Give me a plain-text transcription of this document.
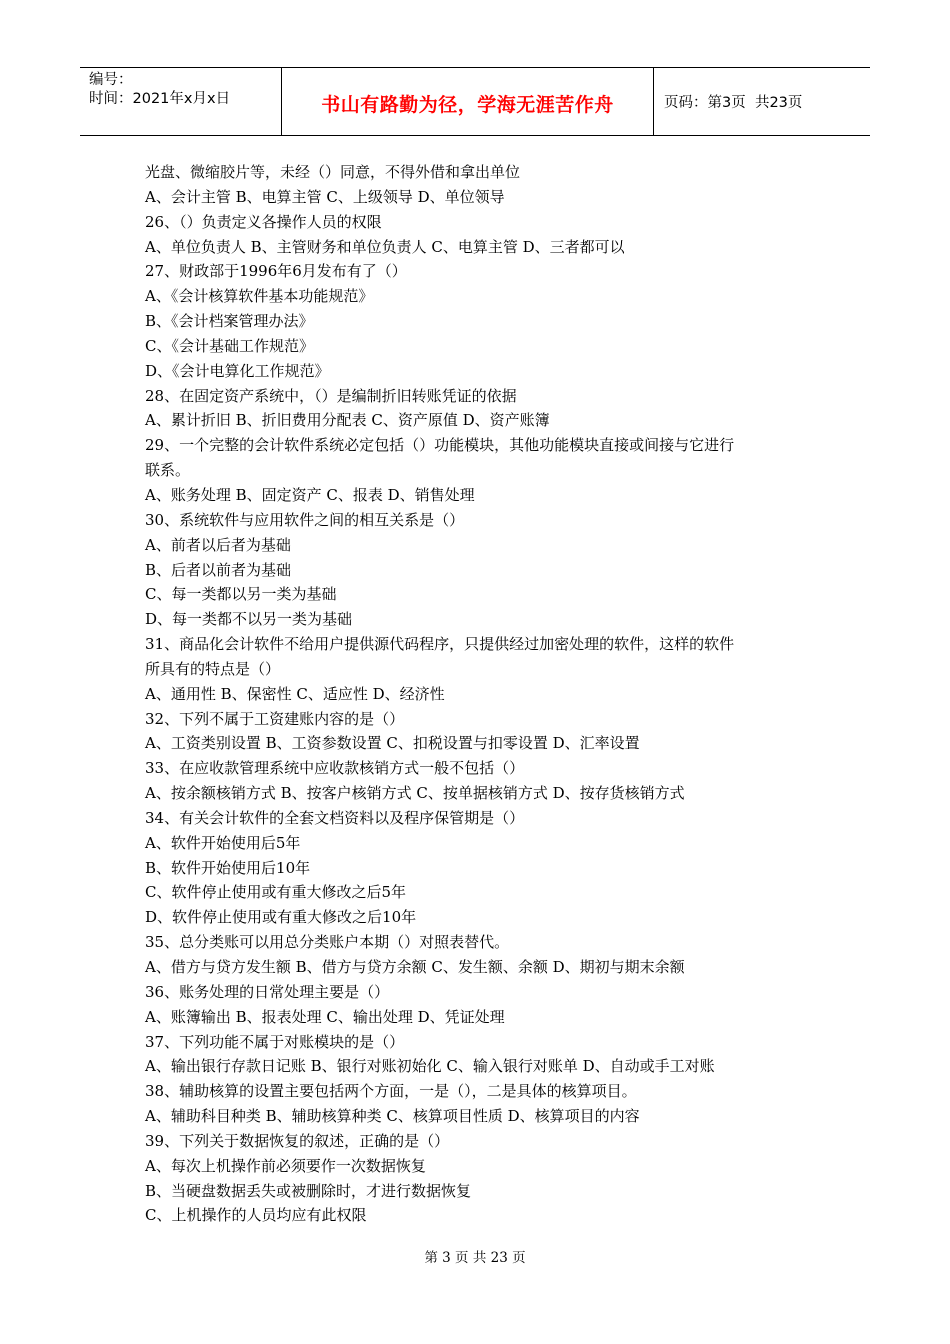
编号：
时间：2021年x月x日	书山有路勤为径，学海无涯苦作舟	页码：第3页  共23页
光盘、微缩胶片等，未经（）同意，不得外借和拿出单位
A、会计主管 B、电算主管 C、上级领导 D、单位领导
26、（）负责定义各操作人员的权限
A、单位负责人 B、主管财务和单位负责人 C、电算主管 D、三者都可以
27、财政部于1996年6月发布有了（）
A、《会计核算软件基本功能规范》
B、《会计档案管理办法》
C、《会计基础工作规范》
D、《会计电算化工作规范》
28、在固定资产系统中，（）是编制折旧转账凭证的依据
A、累计折旧 B、折旧费用分配表 C、资产原值 D、资产账簿
29、一个完整的会计软件系统必定包括（）功能模块，其他功能模块直接或间接与它进行
联系。
A、账务处理 B、固定资产 C、报表 D、销售处理
30、系统软件与应用软件之间的相互关系是（）
A、前者以后者为基础
B、后者以前者为基础
C、每一类都以另一类为基础
D、每一类都不以另一类为基础
31、商品化会计软件不给用户提供源代码程序，只提供经过加密处理的软件，这样的软件
所具有的特点是（）
A、通用性 B、保密性 C、适应性 D、经济性
32、下列不属于工资建账内容的是（）
A、工资类别设置 B、工资参数设置 C、扣税设置与扣零设置 D、汇率设置
33、在应收款管理系统中应收款核销方式一般不包括（）
A、按余额核销方式 B、按客户核销方式 C、按单据核销方式 D、按存货核销方式
34、有关会计软件的全套文档资料以及程序保管期是（）
A、软件开始使用后5年
B、软件开始使用后10年
C、软件停止使用或有重大修改之后5年
D、软件停止使用或有重大修改之后10年
35、总分类账可以用总分类账户本期（）对照表替代。
A、借方与贷方发生额 B、借方与贷方余额 C、发生额、余额 D、期初与期末余额
36、账务处理的日常处理主要是（）
A、账簿输出 B、报表处理 C、输出处理 D、凭证处理
37、下列功能不属于对账模块的是（）
A、输出银行存款日记账 B、银行对账初始化 C、输入银行对账单 D、自动或手工对账
38、辅助核算的设置主要包括两个方面，一是（），二是具体的核算项目。
A、辅助科目种类 B、辅助核算种类 C、核算项目性质 D、核算项目的内容
39、下列关于数据恢复的叙述，正确的是（）
A、每次上机操作前必须要作一次数据恢复
B、当硬盘数据丢失或被删除时，才进行数据恢复
C、上机操作的人员均应有此权限
第 3 页 共 23 页
